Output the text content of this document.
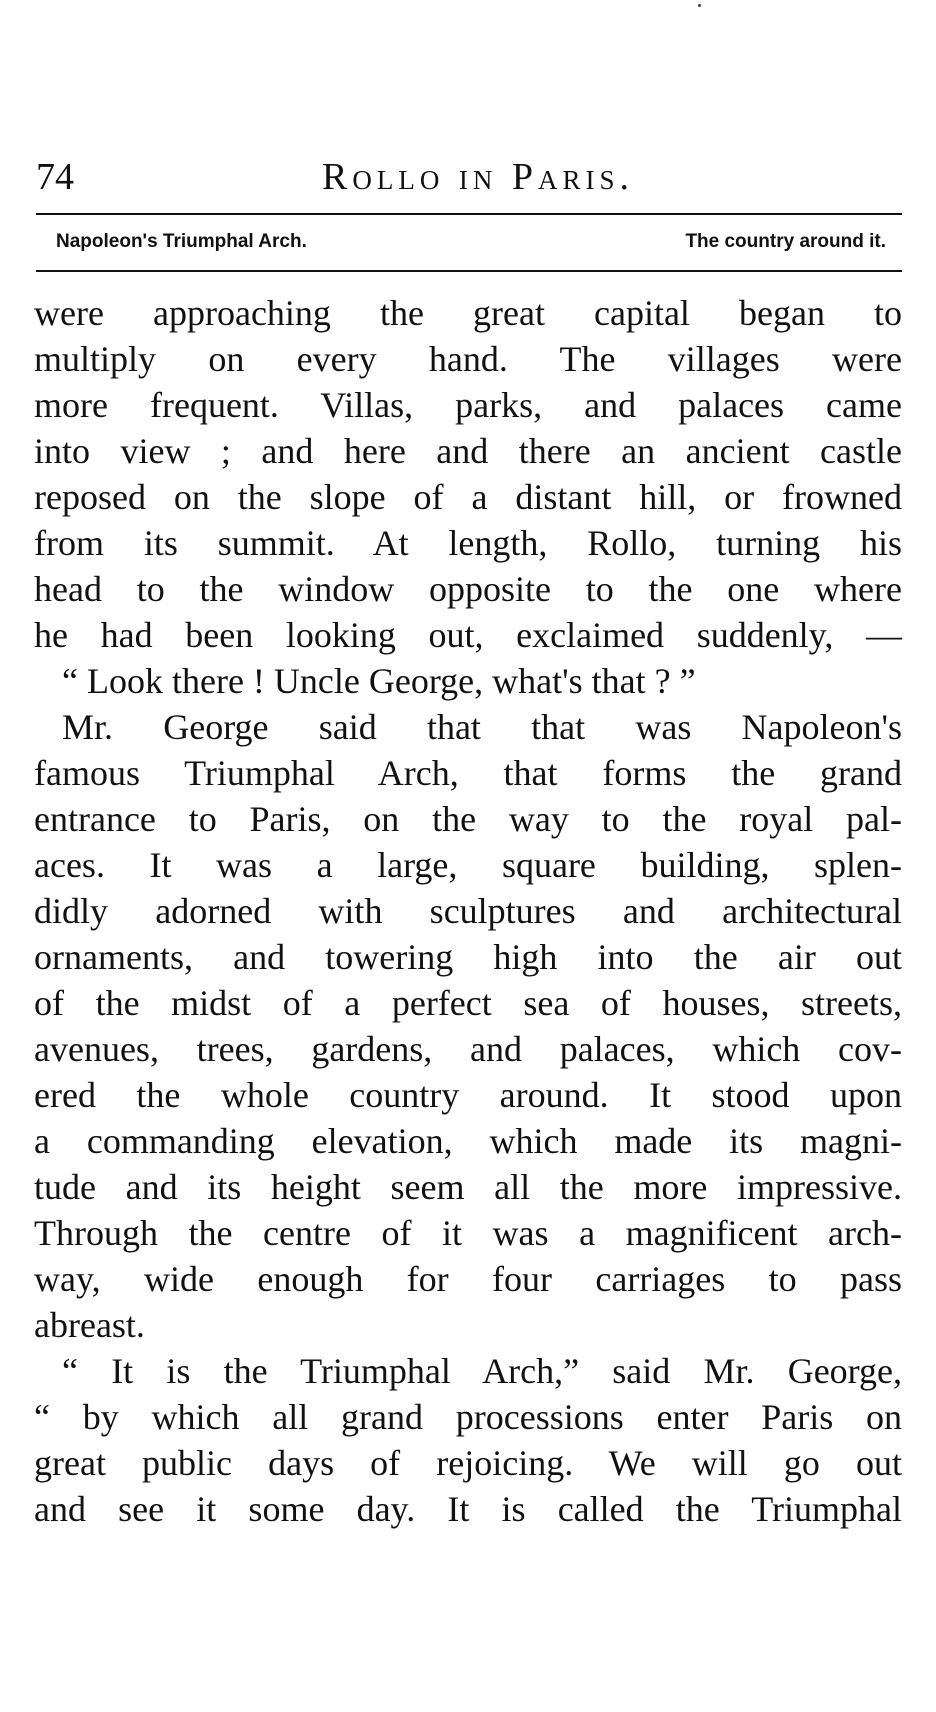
74	Rollo in Paris.
Napoleon's Triumphal Arch.	The country around it.
were approaching the great capital began to
multiply on every hand. The villages were
more frequent. Villas, parks, and palaces came
into view ; and here and there an ancient castle
reposed on the slope of a distant hill, or frowned
from its summit. At length, Rollo, turning his
head to the window opposite to the one where
he had been looking out, exclaimed suddenly, —
“ Look there ! Uncle George, what's that ? ”
Mr. George said that that was Napoleon's
famous Triumphal Arch, that forms the grand
entrance to Paris, on the way to the royal pal-
aces. It was a large, square building, splen-
didly adorned with sculptures and architectural
ornaments, and towering high into the air out
of the midst of a perfect sea of houses, streets,
avenues, trees, gardens, and palaces, which cov-
ered the whole country around. It stood upon
a commanding elevation, which made its magni-
tude and its height seem all the more impressive.
Through the centre of it was a magnificent arch-
way, wide enough for four carriages to pass
abreast.
“ It is the Triumphal Arch,” said Mr. George,
“ by which all grand processions enter Paris on
great public days of rejoicing. We will go out
and see it some day. It is called the Triumphal
